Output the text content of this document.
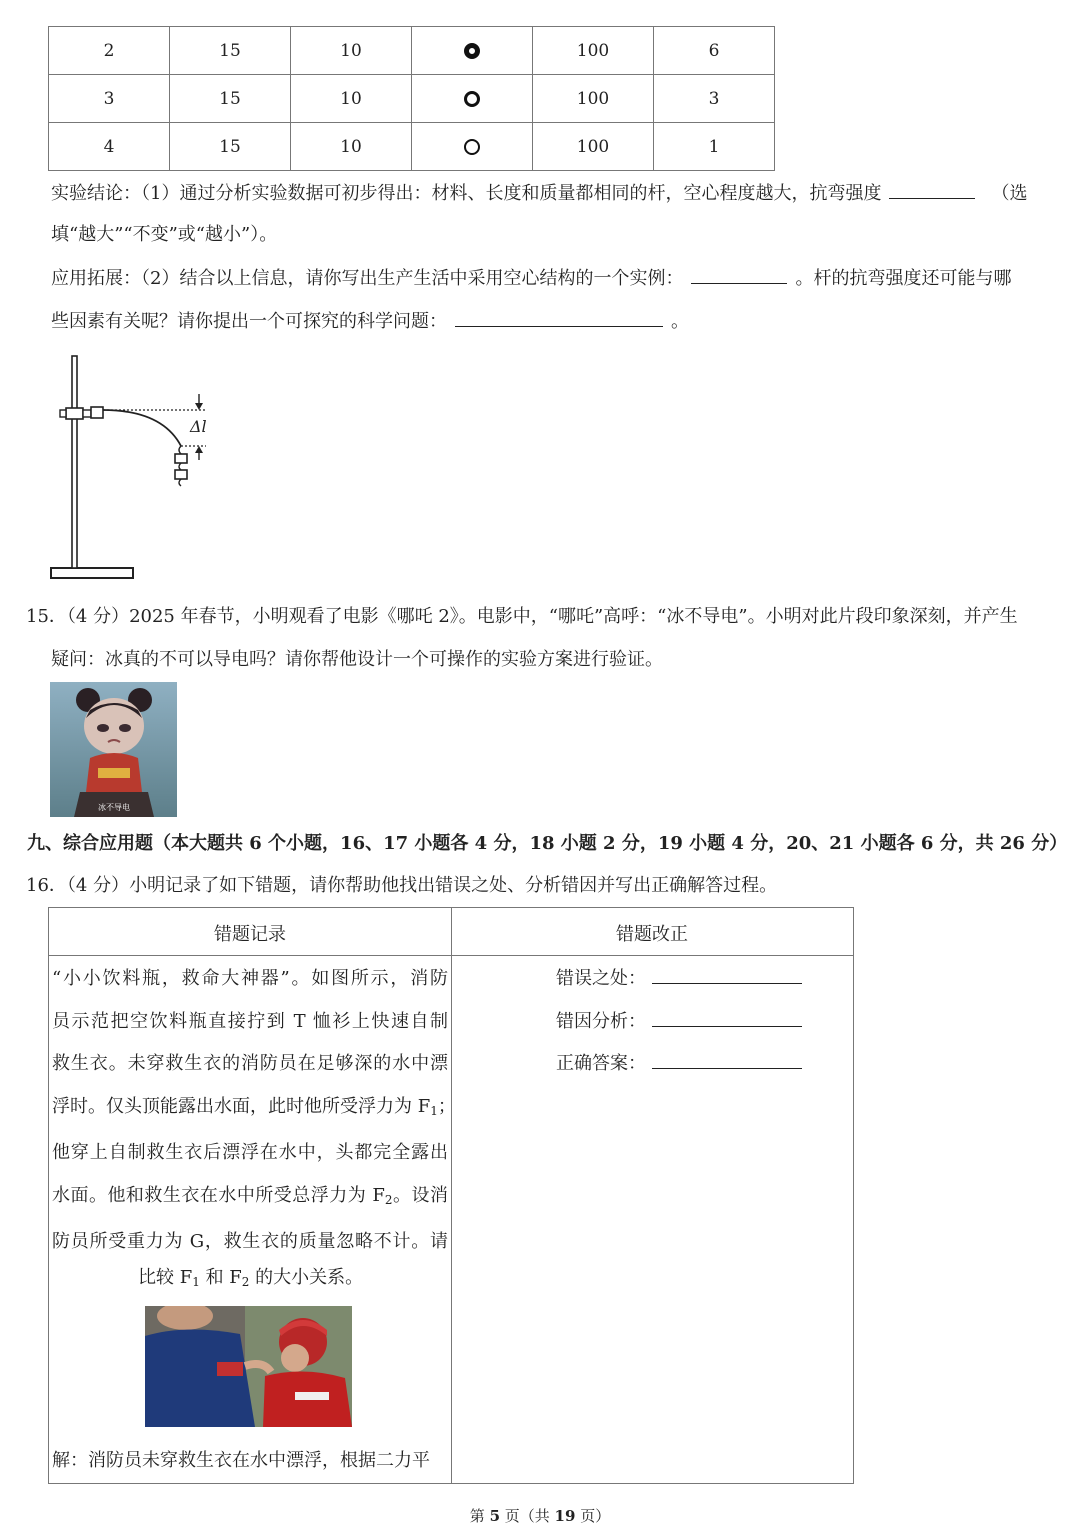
2	15	10		100	6
3	15	10		100	3
4	15	10		100	1
实验结论：（1）通过分析实验数据可初步得出：材料、长度和质量都相同的杆，空心程度越大，抗弯强度	（选
填“越大”“不变”或“越小”）。
应用拓展：（2）结合以上信息，请你写出生产生活中采用空心结构的一个实例：	。杆的抗弯强度还可能与哪
些因素有关呢？请你提出一个可探究的科学问题：	。
Δl
15．（4 分）2025 年春节，小明观看了电影《哪吒 2》。电影中，“哪吒”高呼：“冰不导电”。小明对此片段印象深刻，并产生
疑问：冰真的不可以导电吗？请你帮他设计一个可操作的实验方案进行验证。
冰不导电
九、综合应用题（本大题共 6 个小题，16、17 小题各 4 分，18 小题 2 分，19 小题 4 分，20、21 小题各 6 分，共 26 分）
16．（4 分）小明记录了如下错题，请你帮助他找出错误之处、分析错因并写出正确解答过程。
错题记录	错题改正
“小小饮料瓶，救命大神器”。如图所示，消防
员示范把空饮料瓶直接拧到 T 恤衫上快速自制
救生衣。未穿救生衣的消防员在足够深的水中漂
浮时。仅头顶能露出水面，此时他所受浮力为 $F_1$；
他穿上自制救生衣后漂浮在水中，头都完全露出
水面。他和救生衣在水中所受总浮力为 $F_2$。设消
防员所受重力为 G，救生衣的质量忽略不计。请
比较 $F_1$ 和 $F_2$ 的大小关系。
解：消防员未穿救生衣在水中漂浮，根据二力平
错误之处：
错因分析：
正确答案：
第 5 页（共 19 页）
